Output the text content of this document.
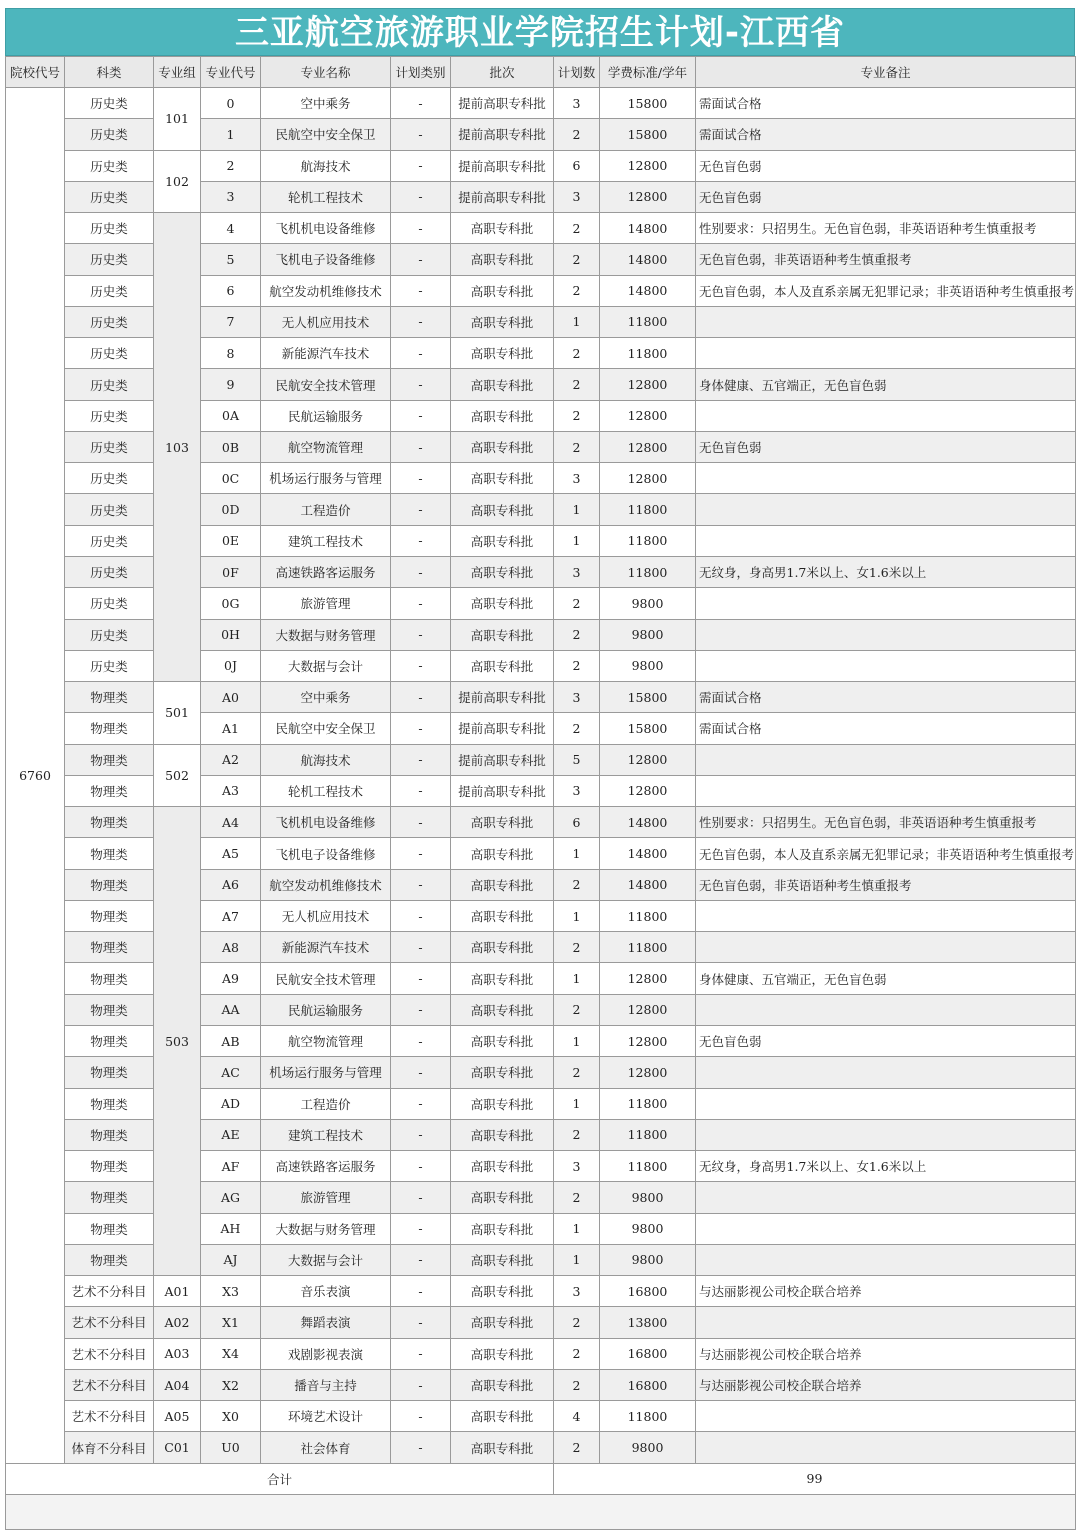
三亚航空旅游职业学院招生计划-江西省
院校代号	科类	专业组	专业代号	专业名称	计划类别	批次	计划数	学费标准/学年	专业备注
6760	历史类	101	0	空中乘务	-	提前高职专科批	3	15800	需面试合格
	历史类		1	民航空中安全保卫	-	提前高职专科批	2	15800	需面试合格
	历史类	102	2	航海技术	-	提前高职专科批	6	12800	无色盲色弱
	历史类		3	轮机工程技术	-	提前高职专科批	3	12800	无色盲色弱
	历史类	103	4	飞机机电设备维修	-	高职专科批	2	14800	性别要求：只招男生。无色盲色弱，非英语语种考生慎重报考
	历史类		5	飞机电子设备维修	-	高职专科批	2	14800	无色盲色弱，非英语语种考生慎重报考
	历史类		6	航空发动机维修技术	-	高职专科批	2	14800	无色盲色弱，本人及直系亲属无犯罪记录；非英语语种考生慎重报考
	历史类		7	无人机应用技术	-	高职专科批	1	11800	
	历史类		8	新能源汽车技术	-	高职专科批	2	11800	
	历史类		9	民航安全技术管理	-	高职专科批	2	12800	身体健康、五官端正，无色盲色弱
	历史类		0A	民航运输服务	-	高职专科批	2	12800	
	历史类		0B	航空物流管理	-	高职专科批	2	12800	无色盲色弱
	历史类		0C	机场运行服务与管理	-	高职专科批	3	12800	
	历史类		0D	工程造价	-	高职专科批	1	11800	
	历史类		0E	建筑工程技术	-	高职专科批	1	11800	
	历史类		0F	高速铁路客运服务	-	高职专科批	3	11800	无纹身，身高男1.7米以上、女1.6米以上
	历史类		0G	旅游管理	-	高职专科批	2	9800	
	历史类		0H	大数据与财务管理	-	高职专科批	2	9800	
	历史类		0J	大数据与会计	-	高职专科批	2	9800	
	物理类	501	A0	空中乘务	-	提前高职专科批	3	15800	需面试合格
	物理类		A1	民航空中安全保卫	-	提前高职专科批	2	15800	需面试合格
	物理类	502	A2	航海技术	-	提前高职专科批	5	12800	
	物理类		A3	轮机工程技术	-	提前高职专科批	3	12800	
	物理类	503	A4	飞机机电设备维修	-	高职专科批	6	14800	性别要求：只招男生。无色盲色弱，非英语语种考生慎重报考
	物理类		A5	飞机电子设备维修	-	高职专科批	1	14800	无色盲色弱，本人及直系亲属无犯罪记录；非英语语种考生慎重报考
	物理类		A6	航空发动机维修技术	-	高职专科批	2	14800	无色盲色弱，非英语语种考生慎重报考
	物理类		A7	无人机应用技术	-	高职专科批	1	11800	
	物理类		A8	新能源汽车技术	-	高职专科批	2	11800	
	物理类		A9	民航安全技术管理	-	高职专科批	1	12800	身体健康、五官端正，无色盲色弱
	物理类		AA	民航运输服务	-	高职专科批	2	12800	
	物理类		AB	航空物流管理	-	高职专科批	1	12800	无色盲色弱
	物理类		AC	机场运行服务与管理	-	高职专科批	2	12800	
	物理类		AD	工程造价	-	高职专科批	1	11800	
	物理类		AE	建筑工程技术	-	高职专科批	2	11800	
	物理类		AF	高速铁路客运服务	-	高职专科批	3	11800	无纹身，身高男1.7米以上、女1.6米以上
	物理类		AG	旅游管理	-	高职专科批	2	9800	
	物理类		AH	大数据与财务管理	-	高职专科批	1	9800	
	物理类		AJ	大数据与会计	-	高职专科批	1	9800	
	艺术不分科目	A01	X3	音乐表演	-	高职专科批	3	16800	与达丽影视公司校企联合培养
	艺术不分科目	A02	X1	舞蹈表演	-	高职专科批	2	13800	
	艺术不分科目	A03	X4	戏剧影视表演	-	高职专科批	2	16800	与达丽影视公司校企联合培养
	艺术不分科目	A04	X2	播音与主持	-	高职专科批	2	16800	与达丽影视公司校企联合培养
	艺术不分科目	A05	X0	环境艺术设计	-	高职专科批	4	11800	
	体育不分科目	C01	U0	社会体育	-	高职专科批	2	9800	
合计							99		
